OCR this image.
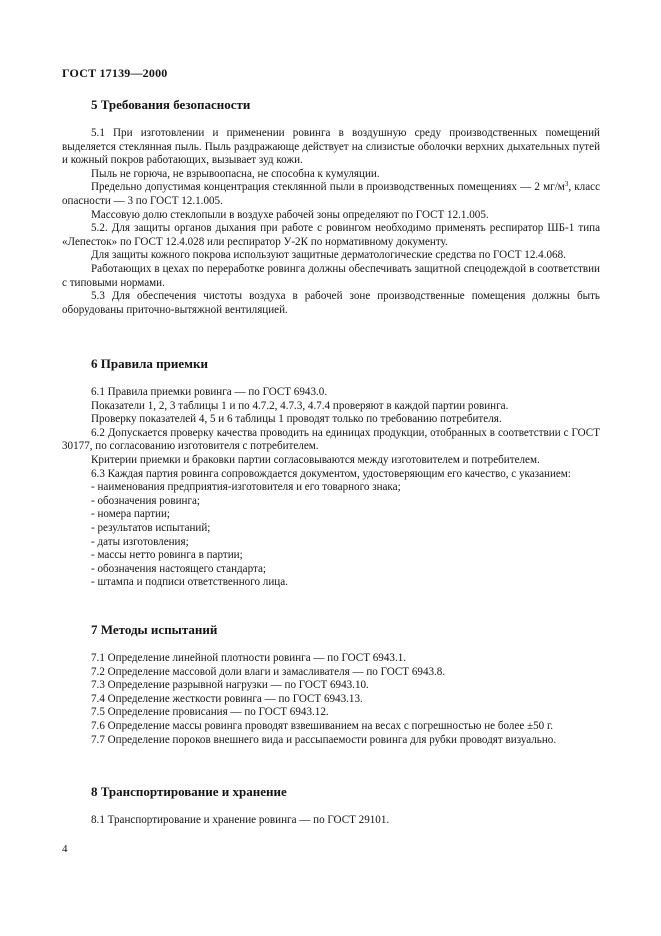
ГОСТ 17139—2000
5 Требования безопасности

5.1 При изготовлении и применении ровинга в воздушную среду производственных помещений выделяется стеклянная пыль. Пыль раздражающе действует на слизистые оболочки верхних дыхательных путей и кожный покров работающих, вызывает зуд кожи.

Пыль не горюча, не взрывоопасна, не способна к кумуляции.

Предельно допустимая концентрация стеклянной пыли в производственных помещениях — 2 $мг/м^3$, класс опасности — 3 по ГОСТ 12.1.005.

Массовую долю стеклопыли в воздухе рабочей зоны определяют по ГОСТ 12.1.005.

5.2. Для защиты органов дыхания при работе с ровингом необходимо применять респиратор ШБ-1 типа «Лепесток» по ГОСТ 12.4.028 или респиратор У-2К по нормативному документу.

Для защиты кожного покрова используют защитные дерматологические средства по ГОСТ 12.4.068.

Работающих в цехах по переработке ровинга должны обеспечивать защитной спецодеждой в соответствии с типовыми нормами.

5.3 Для обеспечения чистоты воздуха в рабочей зоне производственные помещения должны быть оборудованы приточно-вытяжной вентиляцией.

6 Правила приемки

6.1 Правила приемки ровинга — по ГОСТ 6943.0.

Показатели 1, 2, 3 таблицы 1 и по 4.7.2, 4.7.3, 4.7.4 проверяют в каждой партии ровинга.

Проверку показателей 4, 5 и 6 таблицы 1 проводят только по требованию потребителя.

6.2 Допускается проверку качества проводить на единицах продукции, отобранных в соответствии с ГОСТ 30177, по согласованию изготовителя с потребителем.

Критерии приемки и браковки партии согласовываются между изготовителем и потребителем.

6.3 Каждая партия ровинга сопровождается документом, удостоверяющим его качество, с указанием:

- наименования предприятия-изготовителя и его товарного знака;
- обозначения ровинга;
- номера партии;
- результатов испытаний;
- даты изготовления;
- массы нетто ровинга в партии;
- обозначения настоящего стандарта;
- штампа и подписи ответственного лица.
7 Методы испытаний

7.1 Определение линейной плотности ровинга — по ГОСТ 6943.1.

7.2 Определение массовой доли влаги и замасливателя — по ГОСТ 6943.8.

7.3 Определение разрывной нагрузки — по ГОСТ 6943.10.

7.4 Определение жесткости ровинга — по ГОСТ 6943.13.

7.5 Определение провисания — по ГОСТ 6943.12.

7.6 Определение массы ровинга проводят взвешиванием на весах с погрешностью не более ±50 г.

7.7 Определение пороков внешнего вида и рассыпаемости ровинга для рубки проводят визуально.

8 Транспортирование и хранение

8.1 Транспортирование и хранение ровинга — по ГОСТ 29101.

4
